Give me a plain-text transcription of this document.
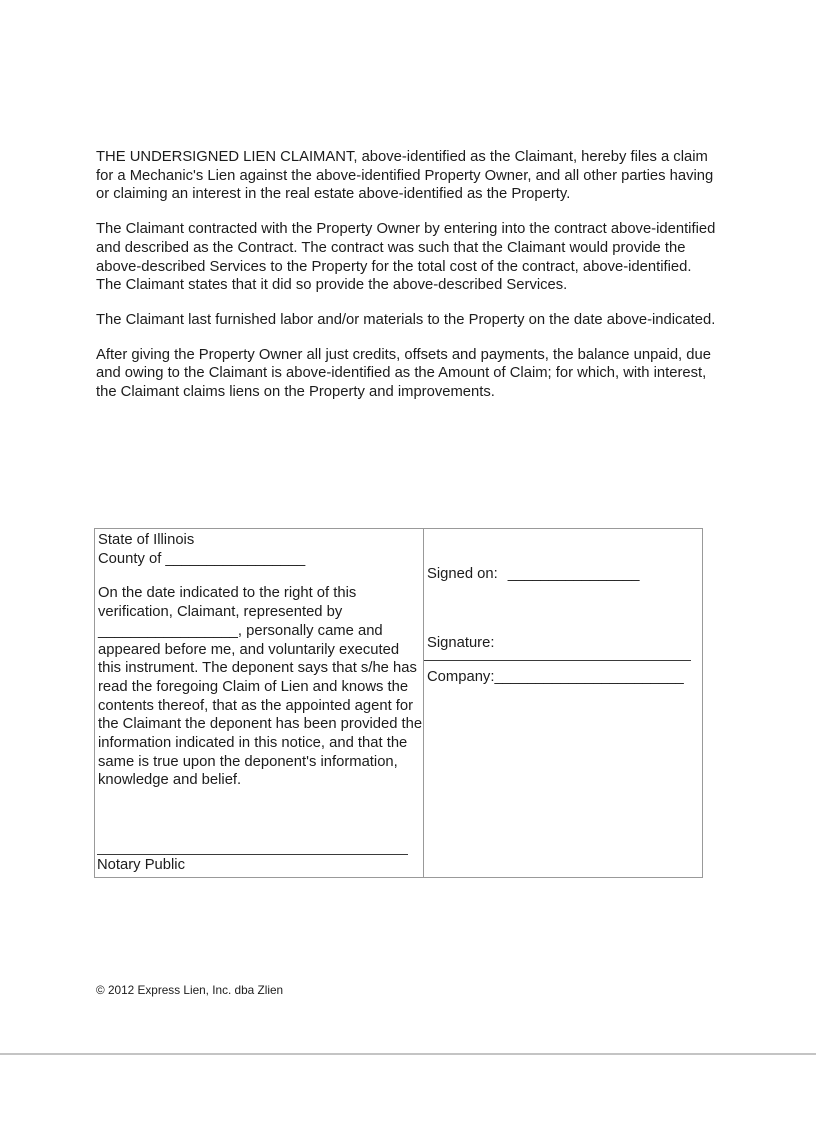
THE UNDERSIGNED LIEN CLAIMANT, above-identified as the Claimant, hereby files a claim for a Mechanic's Lien against the above-identified Property Owner, and all other parties having or claiming an interest in the real estate above-identified as the Property.

The Claimant contracted with the Property Owner by entering into the contract above-identified and described as the Contract. The contract was such that the Claimant would provide the above-described Services to the Property for the total cost of the contract, above-identified. The Claimant states that it did so provide the above-described Services.

The Claimant last furnished labor and/or materials to the Property on the date above-indicated.

After giving the Property Owner all just credits, offsets and payments, the balance unpaid, due and owing to the Claimant is above-identified as the Amount of Claim; for which, with interest, the Claimant claims liens on the Property and improvements.

State of Illinois
County of _________________

On the date indicated to the right of this verification, Claimant, represented by _________________, personally came and appeared before me, and voluntarily executed this instrument. The deponent says that s/he has read the foregoing Claim of Lien and knows the contents thereof, that as the appointed agent for the Claimant the deponent has been provided the information indicated in this notice, and that the same is true upon the deponent's information, knowledge and belief.

Notary Public
Signed on: ________________
Signature:
Company:_______________________
© 2012 Express Lien, Inc. dba Zlien
